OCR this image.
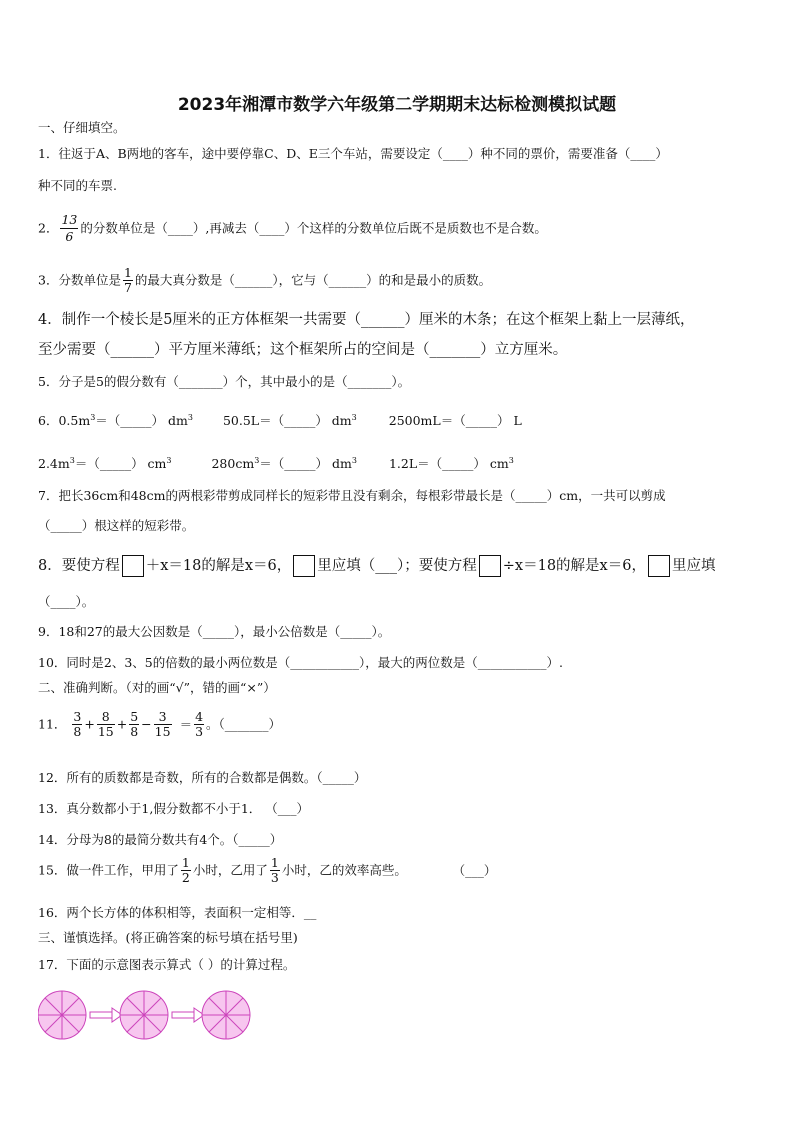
2023年湘潭市数学六年级第二学期期末达标检测模拟试题
一、仔细填空。
1．往返于A、B两地的客车，途中要停靠C、D、E三个车站，需要设定（____）种不同的票价，需要准备（____）
种不同的车票.
2． $\frac{13}{6}$ 的分数单位是（____）,再减去（____）个这样的分数单位后既不是质数也不是合数。
3．分数单位是 $\frac{1}{7}$ 的最大真分数是（______），它与（______）的和是最小的质数。
4．制作一个棱长是5厘米的正方体框架一共需要（______）厘米的木条；在这个框架上黏上一层薄纸，
至少需要（______）平方厘米薄纸；这个框架所占的空间是（_______）立方厘米。
5．分子是5的假分数有（_______）个，其中最小的是（_______）。
6．$0.5m^3=(\_\_\_\_\_)$ $dm^3$ 50.5L＝（_____） $dm^3$	2500mL＝（_____） L
$2.4m^3=(\_\_\_\_\_)$ $cm^3$	$280cm^3=(\_\_\_\_\_)$ $dm^3$	1.2L＝（_____） $cm^3$
7．把长36cm和48cm的两根彩带剪成同样长的短彩带且没有剩余，每根彩带最长是（_____）cm，一共可以剪成
（_____）根这样的短彩带。
8．要使方程 ＋x＝18的解是x＝6， 里应填（___）；要使方程 ÷x＝18的解是x＝6， 里应填
（____）。
9．18和27的最大公因数是（_____），最小公倍数是（_____）。
10．同时是2、3、5的倍数的最小两位数是（___________），最大的两位数是（___________）.
二、准确判断。（对的画“√”，错的画“×”）
11． $\frac{3}{8} + \frac{8}{15} + \frac{5}{8} - \frac{3}{15} = \frac{4}{3}$ 。（_______）
12．所有的质数都是奇数，所有的合数都是偶数。（_____）
13．真分数都小于1,假分数都不小于1． （___）
14．分母为8的最简分数共有4个。（_____）
15．做一件工作，甲用了 $\frac{1}{2}$ 小时，乙用了 $\frac{1}{3}$ 小时，乙的效率高些。	（___）
16．两个长方体的体积相等，表面积一定相等．__
三、谨慎选择。(将正确答案的标号填在括号里)
17．下面的示意图表示算式（ ）的计算过程。
